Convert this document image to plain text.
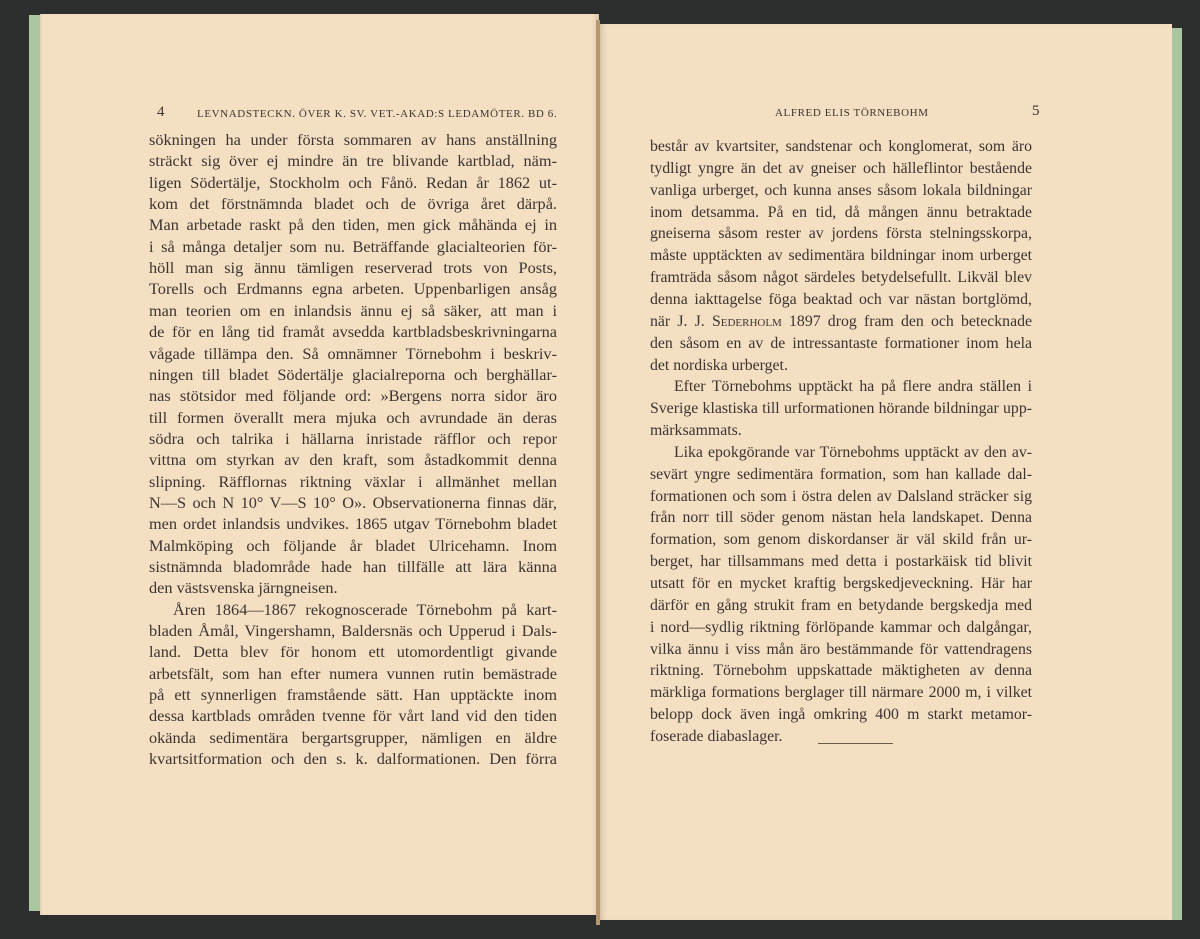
4	LEVNADSTECKN. ÖVER K. SV. VET.-AKAD:S LEDAMÖTER. BD 6.
sökningen ha under första sommaren av hans anställning
sträckt sig över ej mindre än tre blivande kartblad, näm-
ligen Södertälje, Stockholm och Fånö. Redan år 1862 ut-
kom det förstnämnda bladet och de övriga året därpå.
Man arbetade raskt på den tiden, men gick måhända ej in
i så många detaljer som nu. Beträffande glacialteorien för-
höll man sig ännu tämligen reserverad trots von Posts,
Torells och Erdmanns egna arbeten. Uppenbarligen ansåg
man teorien om en inlandsis ännu ej så säker, att man i
de för en lång tid framåt avsedda kartbladsbeskrivningarna
vågade tillämpa den. Så omnämner Törnebohm i beskriv-
ningen till bladet Södertälje glacialreporna och berghällar-
nas stötsidor med följande ord: »Bergens norra sidor äro
till formen överallt mera mjuka och avrundade än deras
södra och talrika i hällarna inristade räfflor och repor
vittna om styrkan av den kraft, som åstadkommit denna
slipning. Räfflornas riktning växlar i allmänhet mellan
N—S och N 10° V—S 10° O». Observationerna finnas där,
men ordet inlandsis undvikes. 1865 utgav Törnebohm bladet
Malmköping och följande år bladet Ulricehamn. Inom
sistnämnda bladområde hade han tillfälle att lära känna
den västsvenska järngneisen.
Åren 1864—1867 rekognoscerade Törnebohm på kart-
bladen Åmål, Vingershamn, Baldersnäs och Upperud i Dals-
land. Detta blev för honom ett utomordentligt givande
arbetsfält, som han efter numera vunnen rutin bemästrade
på ett synnerligen framstående sätt. Han upptäckte inom
dessa kartblads områden tvenne för vårt land vid den tiden
okända sedimentära bergartsgrupper, nämligen en äldre
kvartsitformation och den s. k. dalformationen. Den förra
ALFRED ELIS TÖRNEBOHM	5
består av kvartsiter, sandstenar och konglomerat, som äro
tydligt yngre än det av gneiser och hälleflintor bestående
vanliga urberget, och kunna anses såsom lokala bildningar
inom detsamma. På en tid, då mången ännu betraktade
gneiserna såsom rester av jordens första stelningsskorpa,
måste upptäckten av sedimentära bildningar inom urberget
framträda såsom något särdeles betydelsefullt. Likväl blev
denna iakttagelse föga beaktad och var nästan bortglömd,
när J. J. Sederholm 1897 drog fram den och betecknade
den såsom en av de intressantaste formationer inom hela
det nordiska urberget.
Efter Törnebohms upptäckt ha på flere andra ställen i
Sverige klastiska till urformationen hörande bildningar upp-
märksammats.
Lika epokgörande var Törnebohms upptäckt av den av-
sevärt yngre sedimentära formation, som han kallade dal-
formationen och som i östra delen av Dalsland sträcker sig
från norr till söder genom nästan hela landskapet. Denna
formation, som genom diskordanser är väl skild från ur-
berget, har tillsammans med detta i postarkäisk tid blivit
utsatt för en mycket kraftig bergskedjeveckning. Här har
därför en gång strukit fram en betydande bergskedja med
i nord—sydlig riktning förlöpande kammar och dalgångar,
vilka ännu i viss mån äro bestämmande för vattendragens
riktning. Törnebohm uppskattade mäktigheten av denna
märkliga formations berglager till närmare 2000 m, i vilket
belopp dock även ingå omkring 400 m starkt metamor-
foserade diabaslager.
